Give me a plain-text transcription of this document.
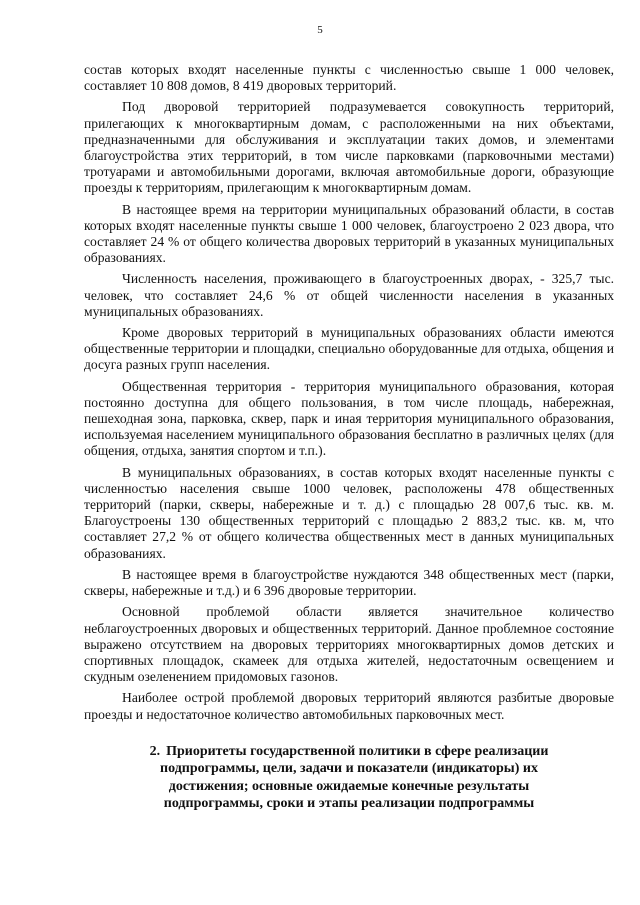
5

состав которых входят населенные пункты с численностью свыше 1 000 человек, составляет 10 808 домов, 8 419 дворовых территорий.

Под дворовой территорией подразумевается совокупность территорий, прилегающих к многоквартирным домам, с расположенными на них объектами, предназначенными для обслуживания и эксплуатации таких домов, и элементами благоустройства этих территорий, в том числе парковками (парковочными местами) тротуарами и автомобильными дорогами, включая автомобильные дороги, образующие проезды к территориям, прилегающим к многоквартирным домам.

В настоящее время на территории муниципальных образований области, в состав которых входят населенные пункты свыше 1 000 человек, благоустроено 2 023 двора, что составляет 24 % от общего количества дворовых территорий в указанных муниципальных образованиях.

Численность населения, проживающего в благоустроенных дворах, - 325,7 тыс. человек, что составляет 24,6 % от общей численности населения в указанных муниципальных образованиях.

Кроме дворовых территорий в муниципальных образованиях области имеются общественные территории и площадки, специально оборудованные для отдыха, общения и досуга разных групп населения.

Общественная территория - территория муниципального образования, которая постоянно доступна для общего пользования, в том числе площадь, набережная, пешеходная зона, парковка, сквер, парк и иная территория муниципального образования, используемая населением муниципального образования бесплатно в различных целях (для общения, отдыха, занятия спортом и т.п.).

В муниципальных образованиях, в состав которых входят населенные пункты с численностью населения свыше 1000 человек, расположены 478 общественных территорий (парки, скверы, набережные и т. д.) с площадью 28 007,6 тыс. кв. м. Благоустроены 130 общественных территорий с площадью 2 883,2 тыс. кв. м, что составляет 27,2 % от общего количества общественных мест в данных муниципальных образованиях.

В настоящее время в благоустройстве нуждаются 348 общественных мест (парки, скверы, набережные и т.д.) и 6 396 дворовые территории.

Основной проблемой области является значительное количество неблагоустроенных дворовых и общественных территорий. Данное проблемное состояние выражено отсутствием на дворовых территориях многоквартирных домов детских и спортивных площадок, скамеек для отдыха жителей, недостаточным освещением и скудным озеленением придомовых газонов.

Наиболее острой проблемой дворовых территорий являются разбитые дворовые проезды и недостаточное количество автомобильных парковочных мест.

2. Приоритеты государственной политики в сфере реализации
подпрограммы, цели, задачи и показатели (индикаторы) их
достижения; основные ожидаемые конечные результаты
подпрограммы, сроки и этапы реализации подпрограммы
